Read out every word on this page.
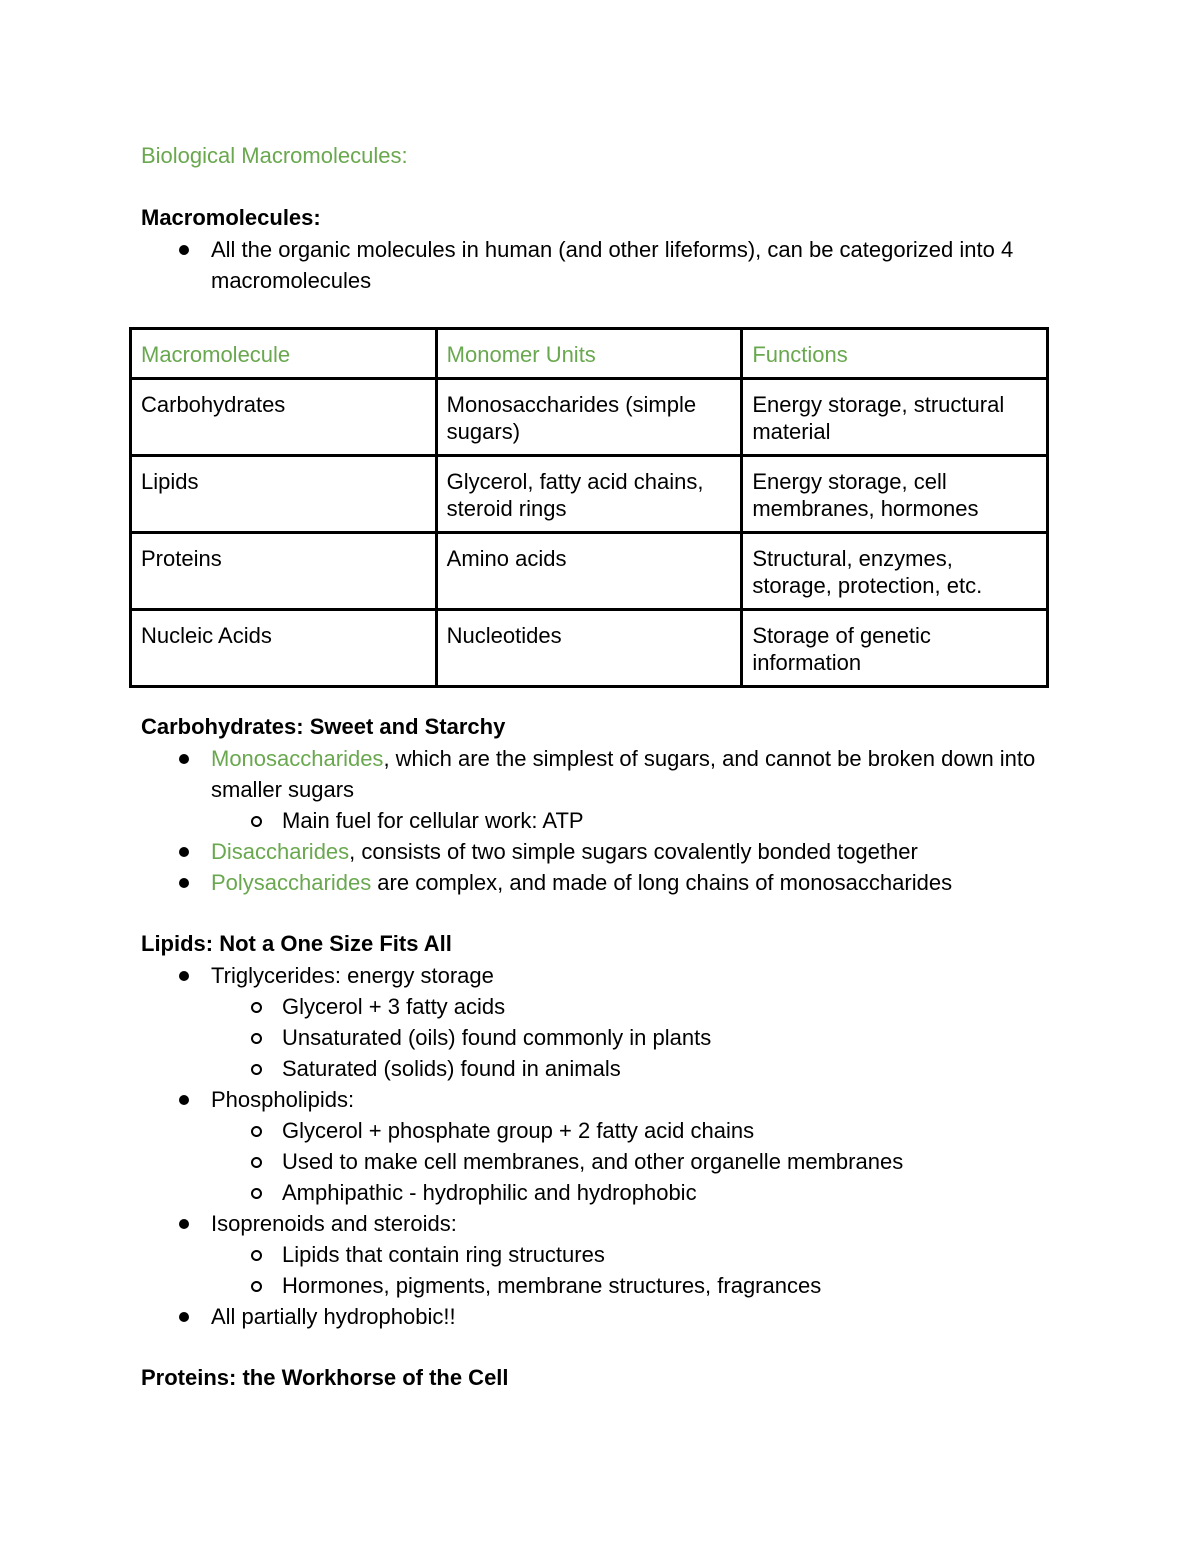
Biological Macromolecules:
Macromolecules:
All the organic molecules in human (and other lifeforms), can be categorized into 4 macromolecules
Macromolecule	Monomer Units	Functions
Carbohydrates	Monosaccharides (simple sugars)	Energy storage, structural material
Lipids	Glycerol, fatty acid chains, steroid rings	Energy storage, cell membranes, hormones
Proteins	Amino acids	Structural, enzymes, storage, protection, etc.
Nucleic Acids	Nucleotides	Storage of genetic information
Carbohydrates: Sweet and Starchy
Monosaccharides, which are the simplest of sugars, and cannot be broken down into smaller sugars
Main fuel for cellular work: ATP
Disaccharides, consists of two simple sugars covalently bonded together
Polysaccharides are complex, and made of long chains of monosaccharides
Lipids: Not a One Size Fits All
Triglycerides: energy storage
Glycerol + 3 fatty acids
Unsaturated (oils) found commonly in plants
Saturated (solids) found in animals
Phospholipids:
Glycerol + phosphate group + 2 fatty acid chains
Used to make cell membranes, and other organelle membranes
Amphipathic - hydrophilic and hydrophobic
Isoprenoids and steroids:
Lipids that contain ring structures
Hormones, pigments, membrane structures, fragrances
All partially hydrophobic!!
Proteins: the Workhorse of the Cell
